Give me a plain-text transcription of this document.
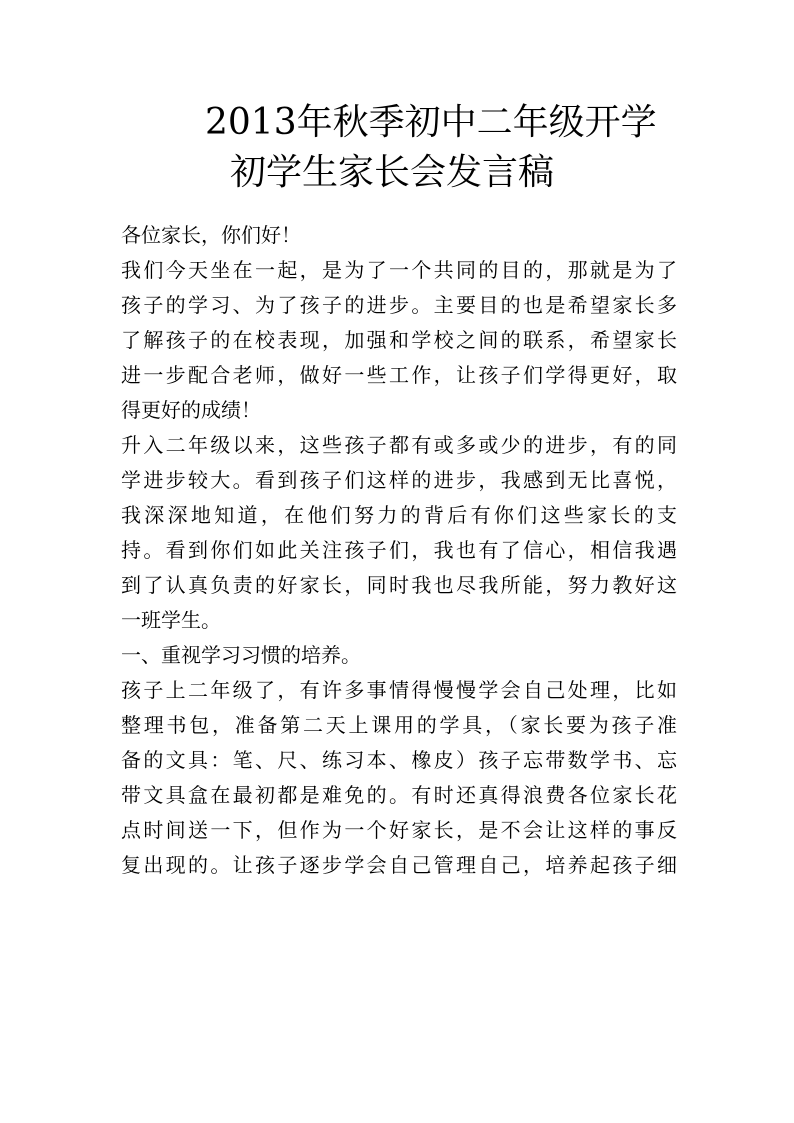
2013年秋季初中二年级开学
初学生家长会发言稿
各位家长，你们好！
我们今天坐在一起，是为了一个共同的目的，那就是为了
孩子的学习、为了孩子的进步。主要目的也是希望家长多
了解孩子的在校表现，加强和学校之间的联系，希望家长
进一步配合老师，做好一些工作，让孩子们学得更好，取
得更好的成绩！
升入二年级以来，这些孩子都有或多或少的进步，有的同
学进步较大。看到孩子们这样的进步，我感到无比喜悦，
我深深地知道，在他们努力的背后有你们这些家长的支
持。看到你们如此关注孩子们，我也有了信心，相信我遇
到了认真负责的好家长，同时我也尽我所能，努力教好这
一班学生。
一、重视学习习惯的培养。
孩子上二年级了，有许多事情得慢慢学会自己处理，比如
整理书包，准备第二天上课用的学具，（家长要为孩子准
备的文具：笔、尺、练习本、橡皮）孩子忘带数学书、忘
带文具盒在最初都是难免的。有时还真得浪费各位家长花
点时间送一下，但作为一个好家长，是不会让这样的事反
复出现的。让孩子逐步学会自己管理自己，培养起孩子细
